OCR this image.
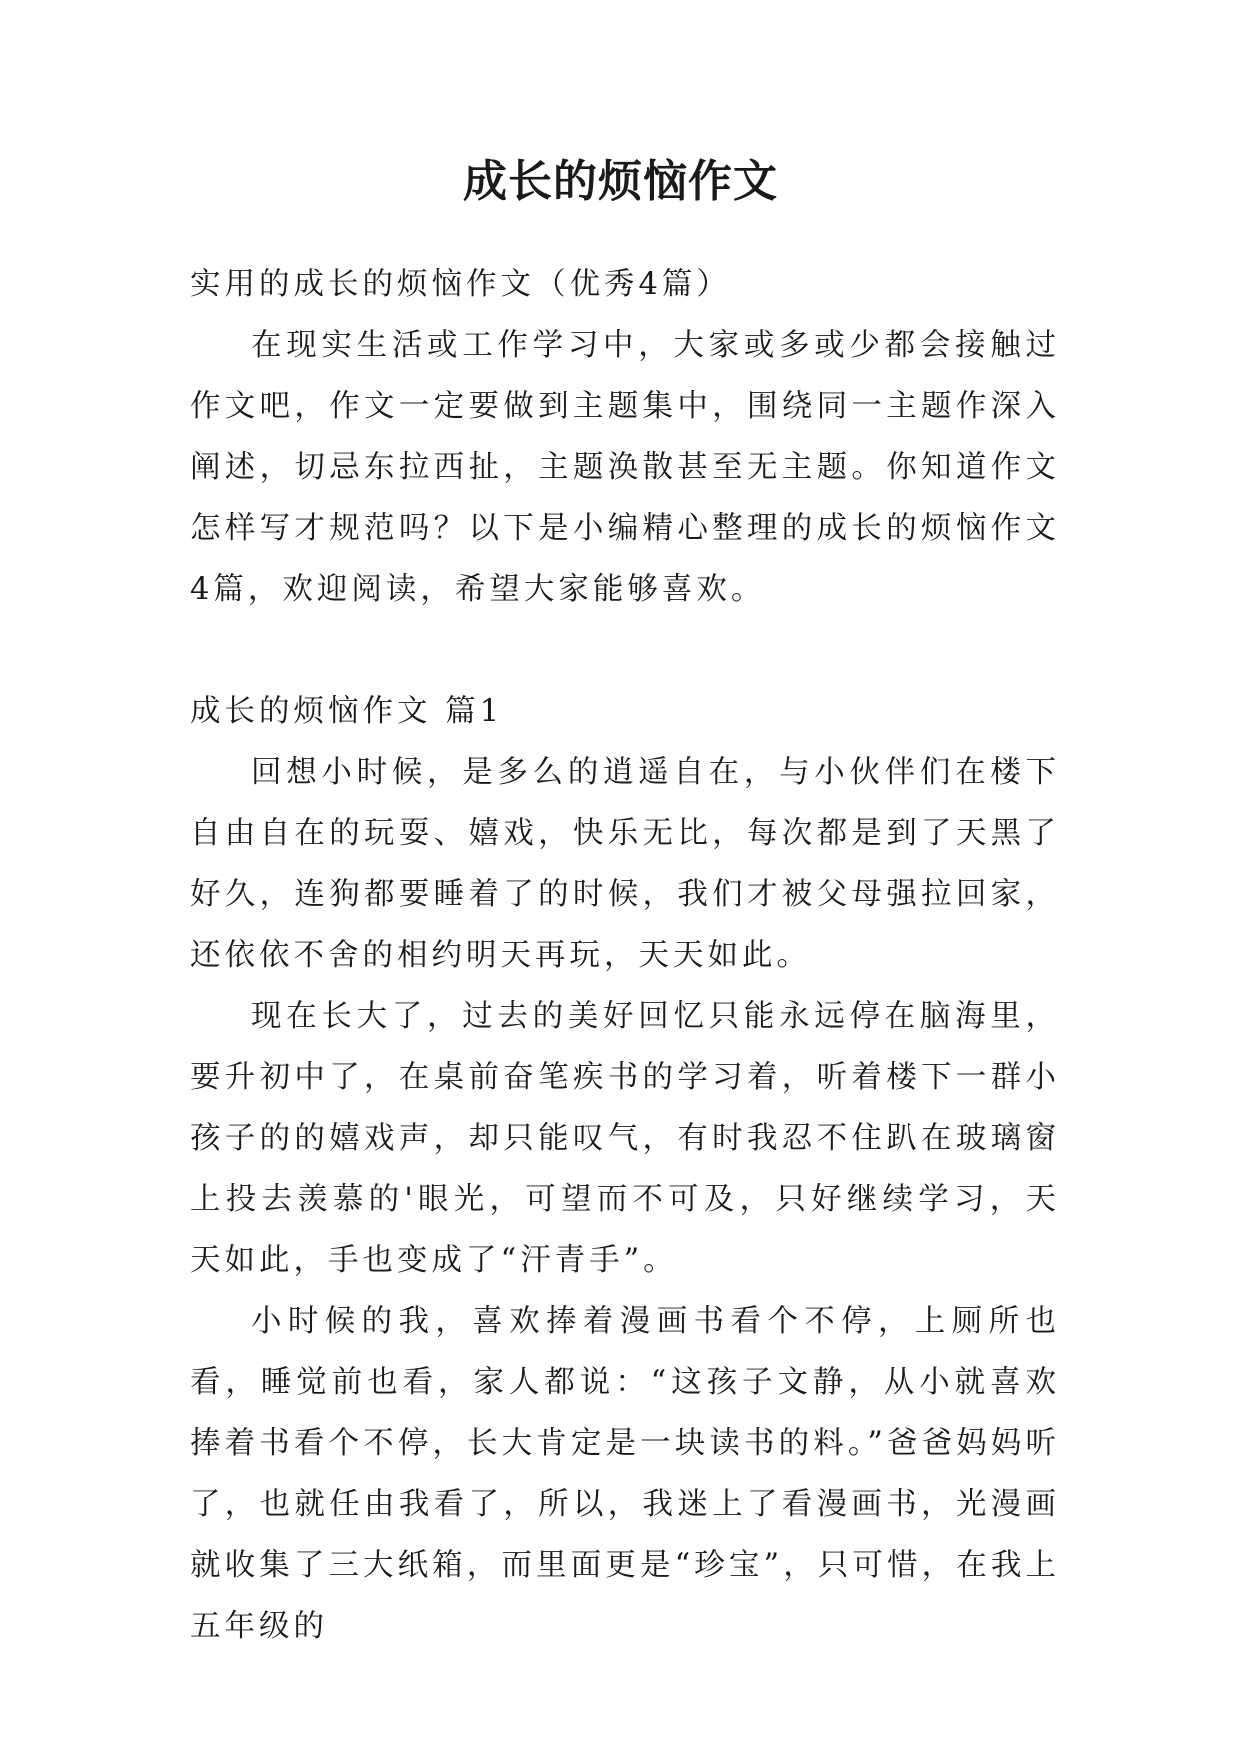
成长的烦恼作文

实用的成长的烦恼作文（优秀4篇）

在现实生活或工作学习中，大家或多或少都会接触过作文吧，作文一定要做到主题集中，围绕同一主题作深入阐述，切忌东拉西扯，主题涣散甚至无主题。你知道作文怎样写才规范吗？以下是小编精心整理的成长的烦恼作文4篇，欢迎阅读，希望大家能够喜欢。

成长的烦恼作文 篇1

回想小时候，是多么的逍遥自在，与小伙伴们在楼下自由自在的玩耍、嬉戏，快乐无比，每次都是到了天黑了好久，连狗都要睡着了的时候，我们才被父母强拉回家，还依依不舍的相约明天再玩，天天如此。

现在长大了，过去的美好回忆只能永远停在脑海里，要升初中了，在桌前奋笔疾书的学习着，听着楼下一群小孩子的的嬉戏声，却只能叹气，有时我忍不住趴在玻璃窗上投去羡慕的'眼光，可望而不可及，只好继续学习，天天如此，手也变成了“汗青手”。

小时候的我，喜欢捧着漫画书看个不停，上厕所也看，睡觉前也看，家人都说：“这孩子文静，从小就喜欢捧着书看个不停，长大肯定是一块读书的料。”爸爸妈妈听了，也就任由我看了，所以，我迷上了看漫画书，光漫画就收集了三大纸箱，而里面更是“珍宝”，只可惜，在我上五年级的
